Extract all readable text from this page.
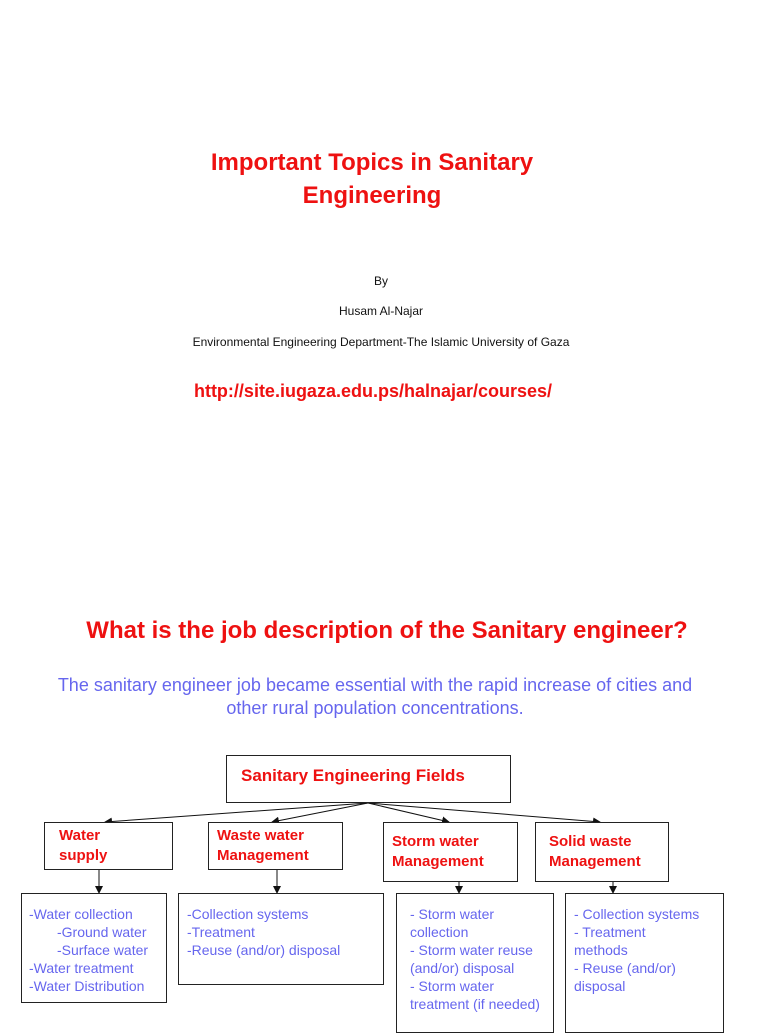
Important Topics in Sanitary
Engineering
By
Husam Al-Najar
Environmental Engineering Department-The Islamic University of Gaza
http://site.iugaza.edu.ps/halnajar/courses/
What is the job description of the Sanitary engineer?
The sanitary engineer job became essential with the rapid increase of cities and
other rural population concentrations.
Sanitary Engineering Fields
Water
supply
Waste water
Management
Storm water
Management
Solid waste
Management
-Water collection
-Ground water
-Surface water
-Water treatment
-Water Distribution
-Collection systems
-Treatment
-Reuse (and/or) disposal
- Storm water
collection
- Storm water reuse
(and/or) disposal
- Storm water
treatment (if needed)
- Collection systems
- Treatment
methods
- Reuse (and/or)
disposal
